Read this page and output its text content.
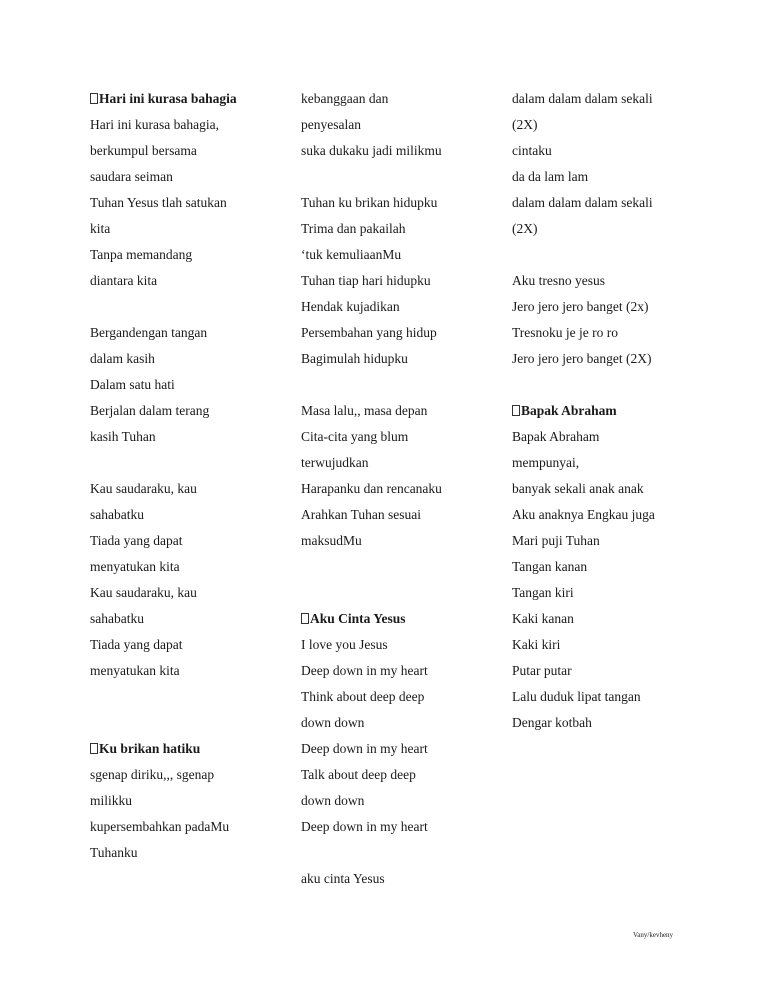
Hari ini kurasa bahagia
Hari ini kurasa bahagia,
berkumpul bersama
saudara seiman
Tuhan Yesus tlah satukan
kita
Tanpa memandang
diantara kita
Bergandengan tangan
dalam kasih
Dalam satu hati
Berjalan dalam terang
kasih Tuhan
Kau saudaraku, kau
sahabatku
Tiada yang dapat
menyatukan kita
Kau saudaraku, kau
sahabatku
Tiada yang dapat
menyatukan kita
Ku brikan hatiku
sgenap diriku,,, sgenap
milikku
kupersembahkan padaMu
Tuhanku
kebanggaan dan
penyesalan
suka dukaku jadi milikmu
Tuhan ku brikan hidupku
Trima dan pakailah
‘tuk kemuliaanMu
Tuhan tiap hari hidupku
Hendak kujadikan
Persembahan yang hidup
Bagimulah hidupku
Masa lalu,, masa depan
Cita-cita yang blum
terwujudkan
Harapanku dan rencanaku
Arahkan Tuhan sesuai
maksudMu
Aku Cinta Yesus
I love you Jesus
Deep down in my heart
Think about deep deep
down down
Deep down in my heart
Talk about deep deep
down down
Deep down in my heart
aku cinta Yesus
dalam dalam dalam sekali
(2X)
cintaku
da da lam lam
dalam dalam dalam sekali
(2X)
Aku tresno yesus
Jero jero jero banget (2x)
Tresnoku je je ro ro
Jero jero jero banget (2X)
Bapak Abraham
Bapak Abraham
mempunyai,
banyak sekali anak anak
Aku anaknya Engkau juga
Mari puji Tuhan
Tangan kanan
Tangan kiri
Kaki kanan
Kaki kiri
Putar putar
Lalu duduk lipat tangan
Dengar kotbah
Vany/kevheny
